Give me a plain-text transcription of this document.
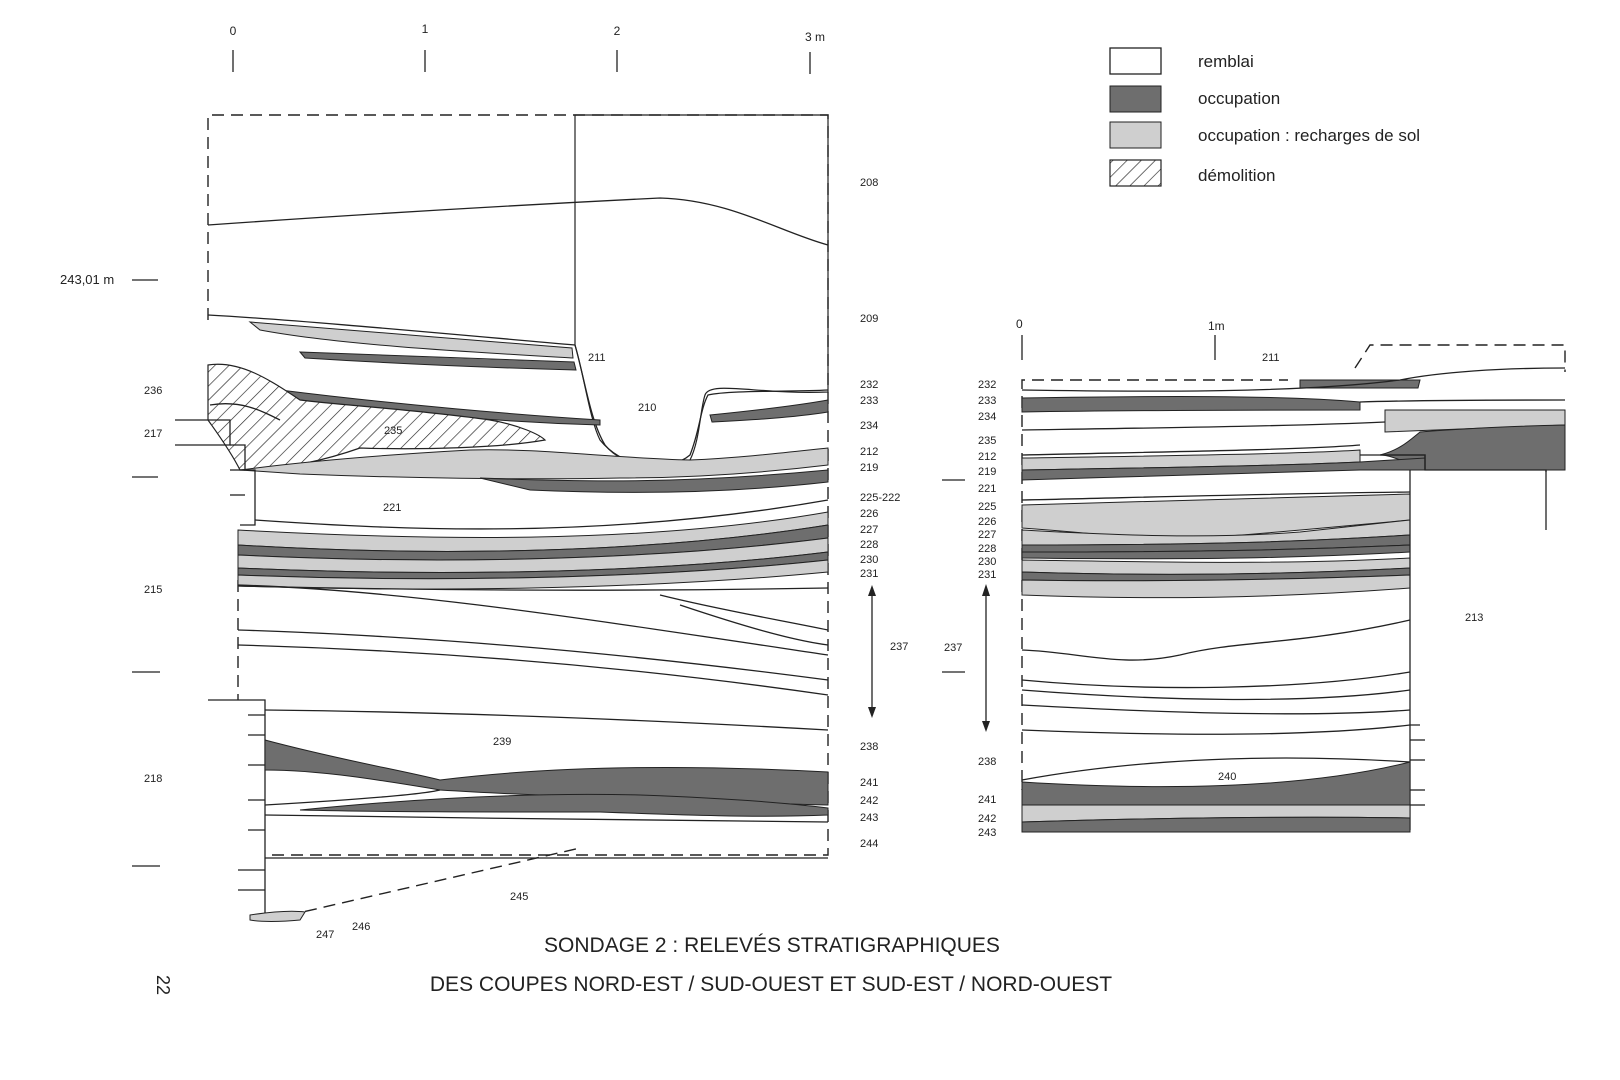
0	1	2	3 m
remblai
occupation
occupation : recharges de sol
démolition
243,01 m
236
217
215
218
208
209
232
233
234
212
219
225-222
226
227
228
230
231
237
238
241
242
243
244
211
210
235
221
239
245
246
247
0	1m
211
240
213
232
233
234
235
212
219
221
225
226
227
228
230
231
237
238
241
242
243
SONDAGE 2 : RELEVÉS STRATIGRAPHIQUES
DES COUPES NORD-EST / SUD-OUEST ET SUD-EST / NORD-OUEST
22
